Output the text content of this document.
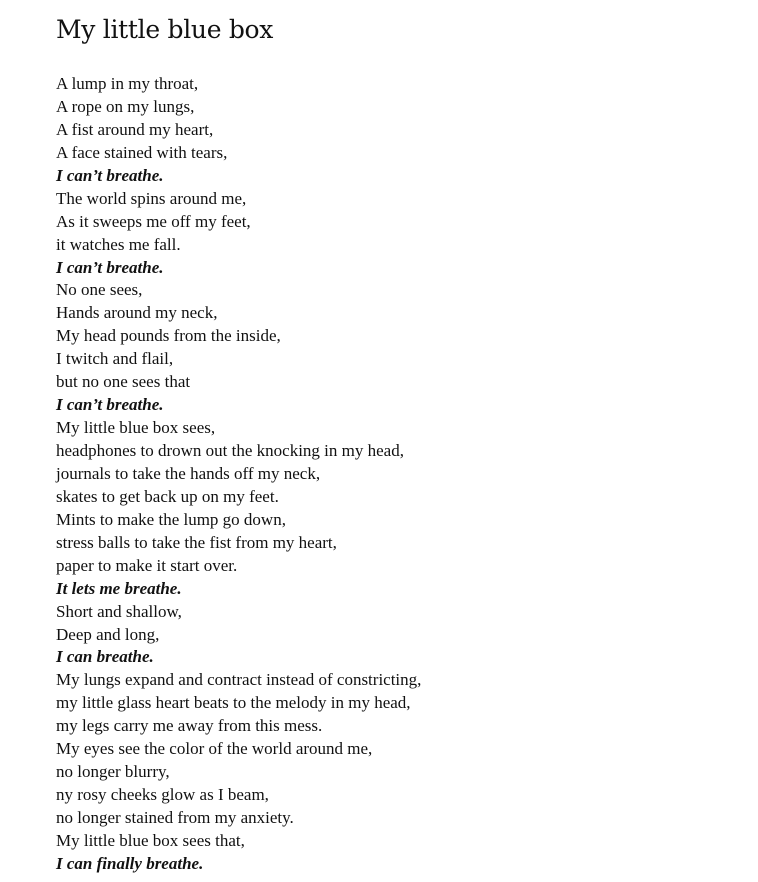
My little blue box
A lump in my throat,
A rope on my lungs,
A fist around my heart,
A face stained with tears,
I can’t breathe.
The world spins around me,
As it sweeps me off my feet,
it watches me fall.
I can’t breathe.
No one sees,
Hands around my neck,
My head pounds from the inside,
I twitch and flail,
but no one sees that
I can’t breathe.
My little blue box sees,
headphones to drown out the knocking in my head,
journals to take the hands off my neck,
skates to get back up on my feet.
Mints to make the lump go down,
stress balls to take the fist from my heart,
paper to make it start over.
It lets me breathe.
Short and shallow,
Deep and long,
I can breathe.
My lungs expand and contract instead of constricting,
my little glass heart beats to the melody in my head,
my legs carry me away from this mess.
My eyes see the color of the world around me,
no longer blurry,
ny rosy cheeks glow as I beam,
no longer stained from my anxiety.
My little blue box sees that,
I can finally breathe.
